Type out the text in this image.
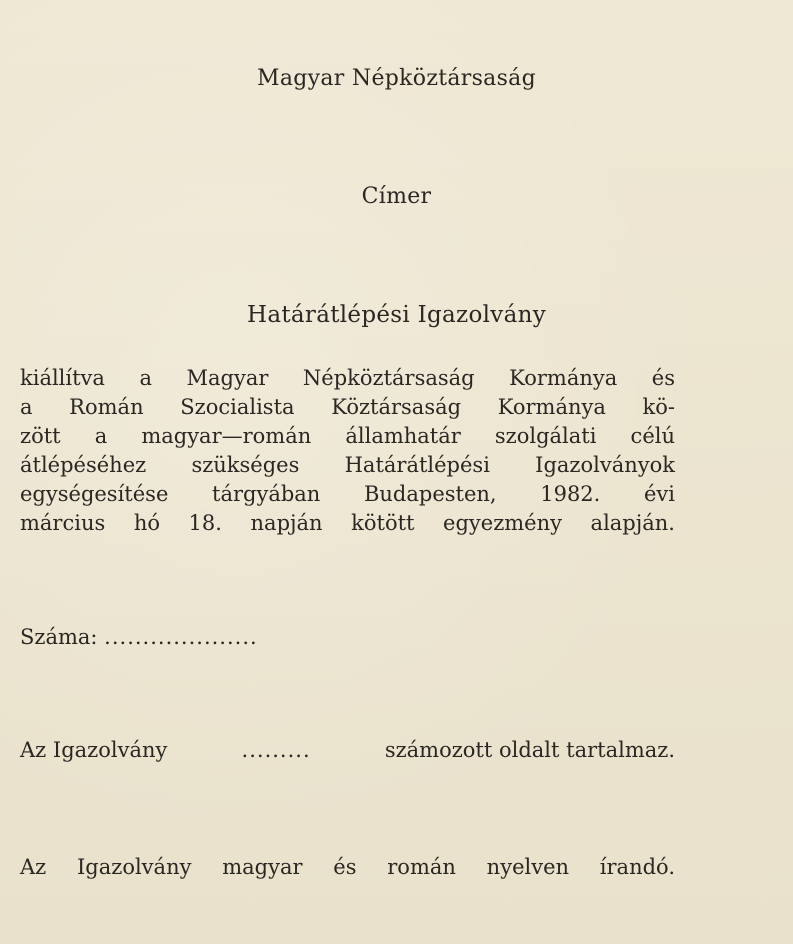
Magyar Népköztársaság
Címer
Határátlépési Igazolvány
kiállítva a Magyar Népköztársaság Kormánya és
a Román Szocialista Köztársaság Kormánya kö-
zött a magyar—román államhatár szolgálati célú
átlépéséhez szükséges Határátlépési Igazolványok
egységesítése tárgyában Budapesten, 1982. évi
március hó 18. napján kötött egyezmény alapján.
Száma: ....................
Az Igazolvány	.........	számozott oldalt tartalmaz.
Az Igazolvány magyar és román nyelven írandó.
